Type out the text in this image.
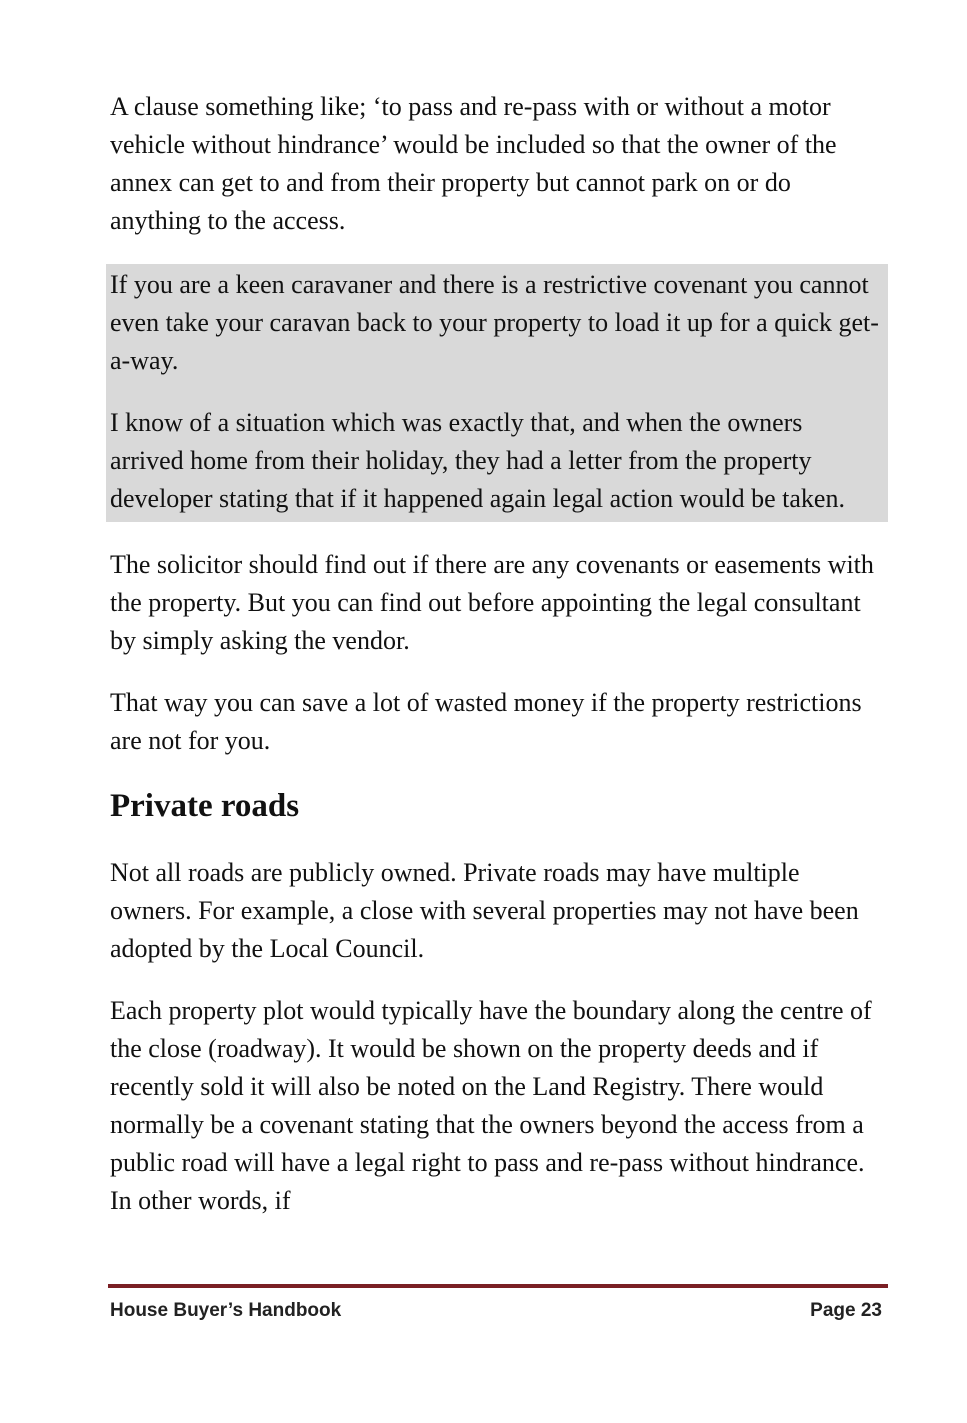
A clause something like; ‘to pass and re-pass with or without a motor vehicle without hindrance’ would be included so that the owner of the annex can get to and from their property but cannot park on or do anything to the access.

If you are a keen caravaner and there is a restrictive covenant you cannot even take your caravan back to your property to load it up for a quick get-a-way.

I know of a situation which was exactly that, and when the owners arrived home from their holiday, they had a letter from the property developer stating that if it happened again legal action would be taken.

The solicitor should find out if there are any covenants or easements with the property. But you can find out before appointing the legal consultant by simply asking the vendor.

That way you can save a lot of wasted money if the property restrictions are not for you.

Private roads

Not all roads are publicly owned. Private roads may have multiple owners. For example, a close with several properties may not have been adopted by the Local Council.

Each property plot would typically have the boundary along the centre of the close (roadway). It would be shown on the property deeds and if recently sold it will also be noted on the Land Registry. There would normally be a covenant stating that the owners beyond the access from a public road will have a legal right to pass and re-pass without hindrance. In other words, if

House Buyer’s Handbook	Page 23
